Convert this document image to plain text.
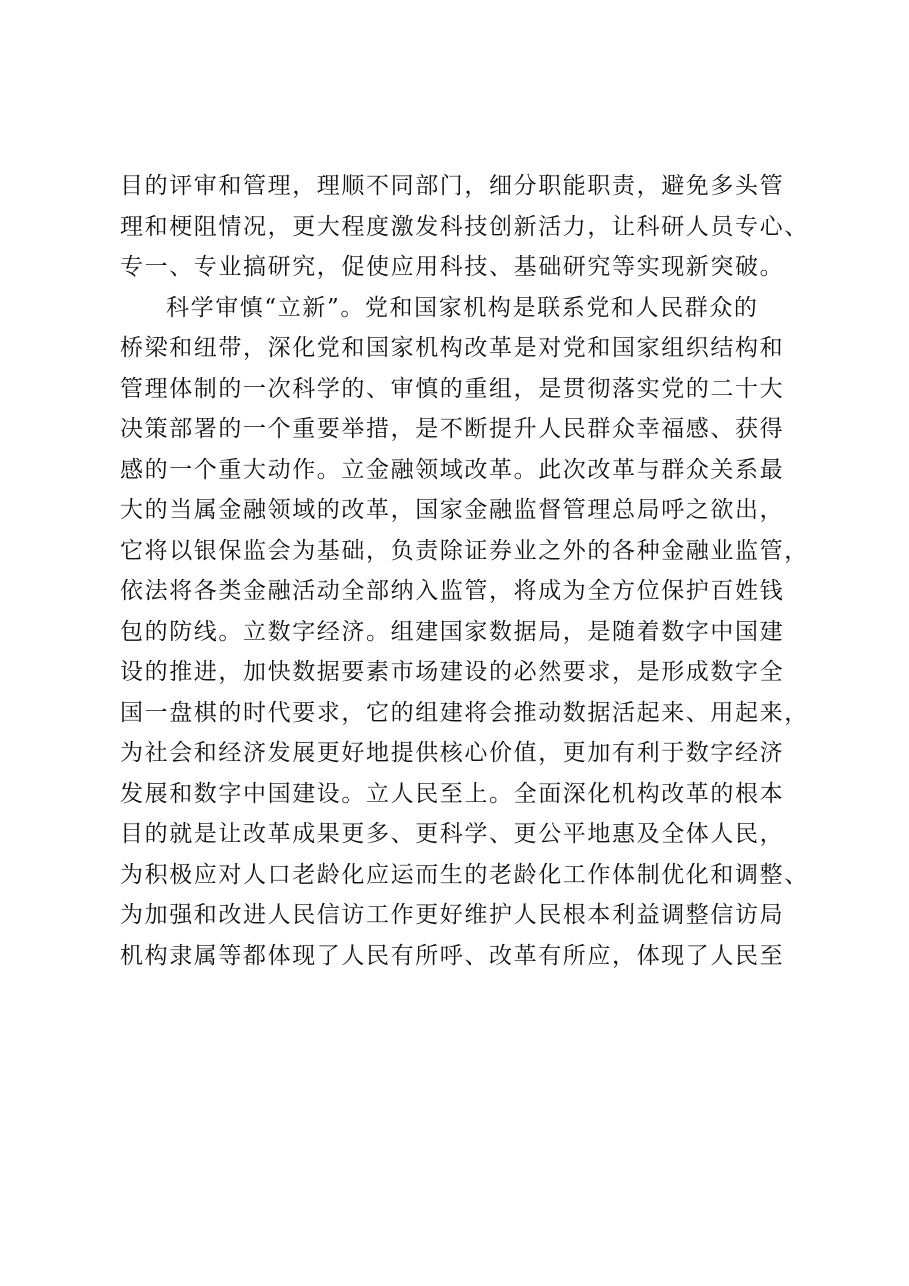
目的评审和管理，理顺不同部门，细分职能职责，避免多头管
理和梗阻情况，更大程度激发科技创新活力，让科研人员专心、
专一、专业搞研究，促使应用科技、基础研究等实现新突破。
科学审慎“立新”。党和国家机构是联系党和人民群众的
桥梁和纽带，深化党和国家机构改革是对党和国家组织结构和
管理体制的一次科学的、审慎的重组，是贯彻落实党的二十大
决策部署的一个重要举措，是不断提升人民群众幸福感、获得
感的一个重大动作。立金融领域改革。此次改革与群众关系最
大的当属金融领域的改革，国家金融监督管理总局呼之欲出，
它将以银保监会为基础，负责除证券业之外的各种金融业监管，
依法将各类金融活动全部纳入监管，将成为全方位保护百姓钱
包的防线。立数字经济。组建国家数据局，是随着数字中国建
设的推进，加快数据要素市场建设的必然要求，是形成数字全
国一盘棋的时代要求，它的组建将会推动数据活起来、用起来，
为社会和经济发展更好地提供核心价值，更加有利于数字经济
发展和数字中国建设。立人民至上。全面深化机构改革的根本
目的就是让改革成果更多、更科学、更公平地惠及全体人民，
为积极应对人口老龄化应运而生的老龄化工作体制优化和调整、
为加强和改进人民信访工作更好维护人民根本利益调整信访局
机构隶属等都体现了人民有所呼、改革有所应，体现了人民至
